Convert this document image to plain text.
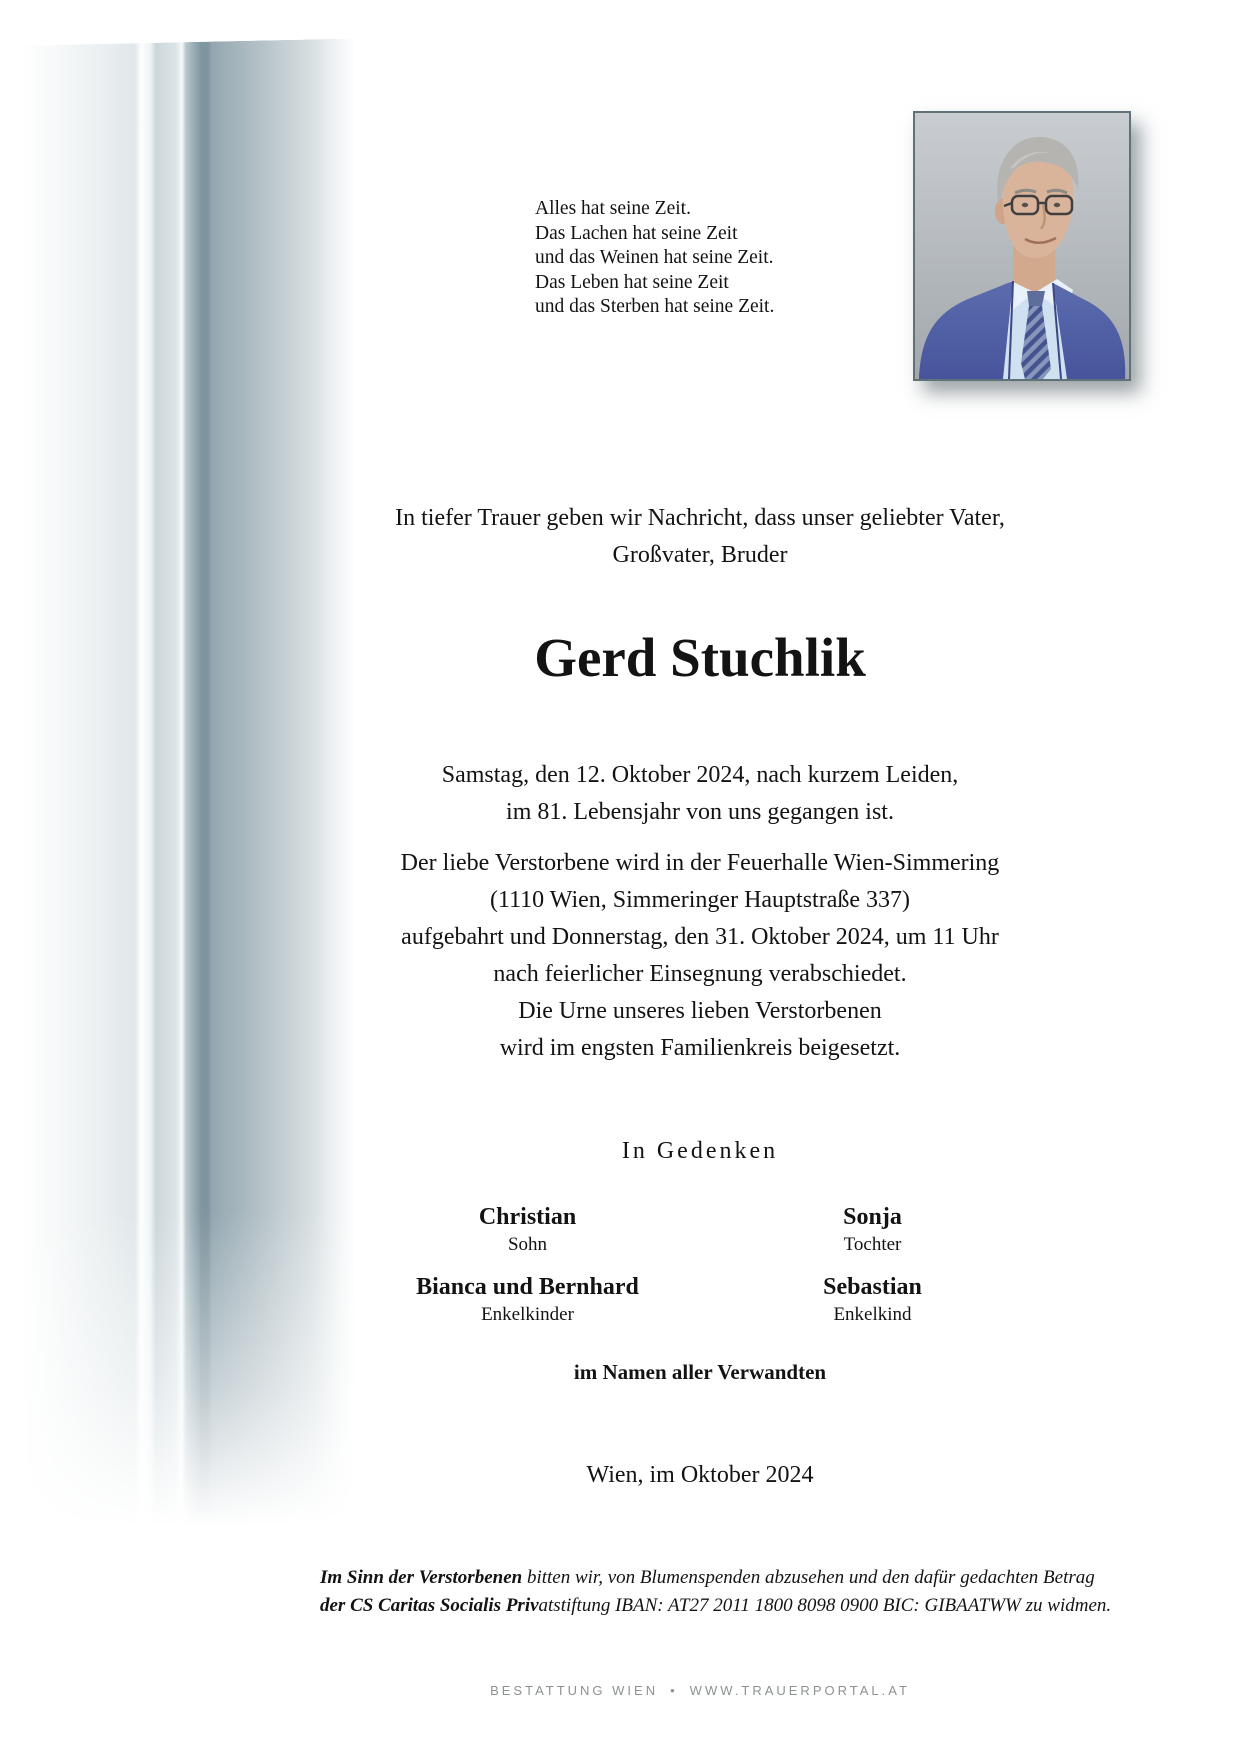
Alles hat seine Zeit.
Das Lachen hat seine Zeit
und das Weinen hat seine Zeit.
Das Leben hat seine Zeit
und das Sterben hat seine Zeit.
In tiefer Trauer geben wir Nachricht, dass unser geliebter Vater,
Großvater, Bruder
Gerd Stuchlik
Samstag, den 12. Oktober 2024, nach kurzem Leiden,
im 81. Lebensjahr von uns gegangen ist.
Der liebe Verstorbene wird in der Feuerhalle Wien-Simmering
(1110 Wien, Simmeringer Hauptstraße 337)
aufgebahrt und Donnerstag, den 31. Oktober 2024, um 11 Uhr
nach feierlicher Einsegnung verabschiedet.
Die Urne unseres lieben Verstorbenen
wird im engsten Familienkreis beigesetzt.
In Gedenken
Christian
Sohn
Sonja
Tochter
Bianca und Bernhard
Enkelkinder
Sebastian
Enkelkind
im Namen aller Verwandten
Wien, im Oktober 2024
Im Sinn der Verstorbenen bitten wir, von Blumenspenden abzusehen und den dafür gedachten Betrag
der CS Caritas Socialis Privatstiftung IBAN: AT27 2011 1800 8098 0900 BIC: GIBAATWW zu widmen.
BESTATTUNG WIEN • WWW.TRAUERPORTAL.AT
